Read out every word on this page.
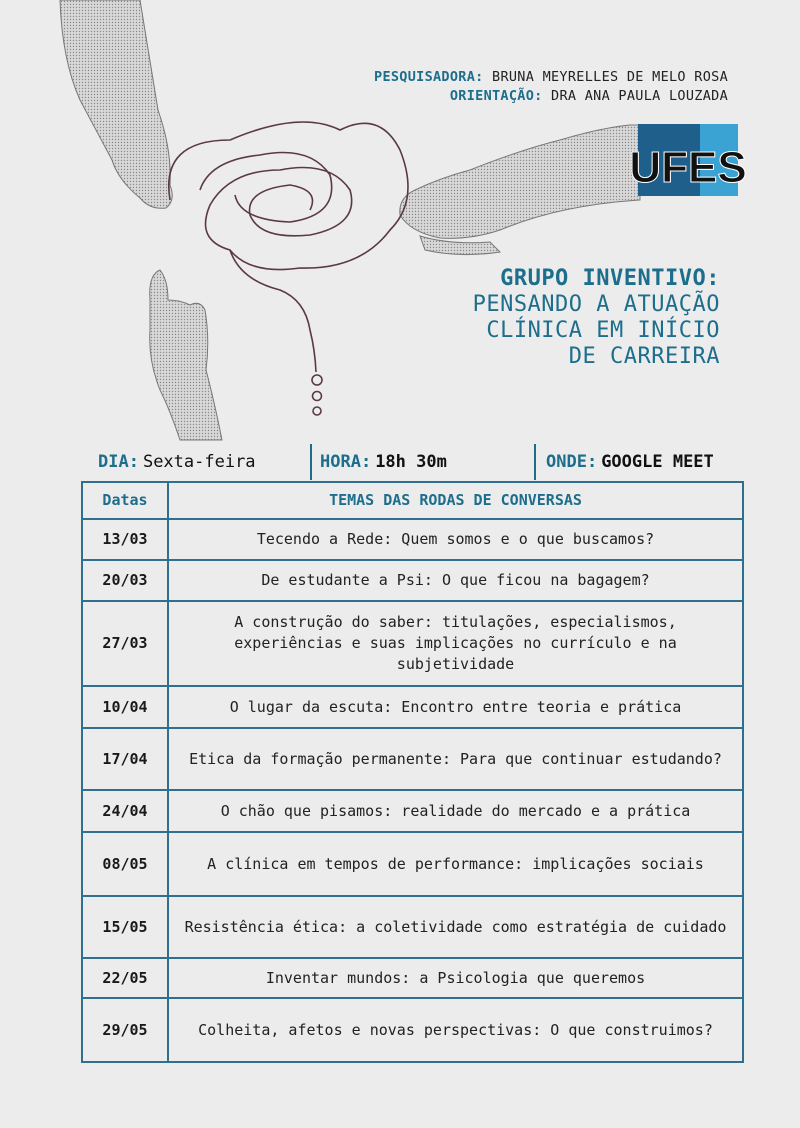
PESQUISADORA: BRUNA MEYRELLES DE MELO ROSA
ORIENTAÇÃO: DRA ANA PAULA LOUZADA
UFES
GRUPO INVENTIVO:
PENSANDO A ATUAÇÃO
CLÍNICA EM INÍCIO
DE CARREIRA
DIA: Sexta-feira	HORA: 18h 30m	ONDE: GOOGLE MEET
Datas	TEMAS DAS RODAS DE CONVERSAS
13/03	Tecendo a Rede: Quem somos e o que buscamos?
20/03	De estudante a Psi: O que ficou na bagagem?
27/03	A construção do saber: titulações, especialismos, experiências e suas implicações no currículo e na subjetividade
10/04	O lugar da escuta: Encontro entre teoria e prática
17/04	Etica da formação permanente: Para que continuar estudando?
24/04	O chão que pisamos: realidade do mercado e a prática
08/05	A clínica em tempos de performance: implicações sociais
15/05	Resistência ética: a coletividade como estratégia de cuidado
22/05	Inventar mundos: a Psicologia que queremos
29/05	Colheita, afetos e novas perspectivas: O que construimos?
